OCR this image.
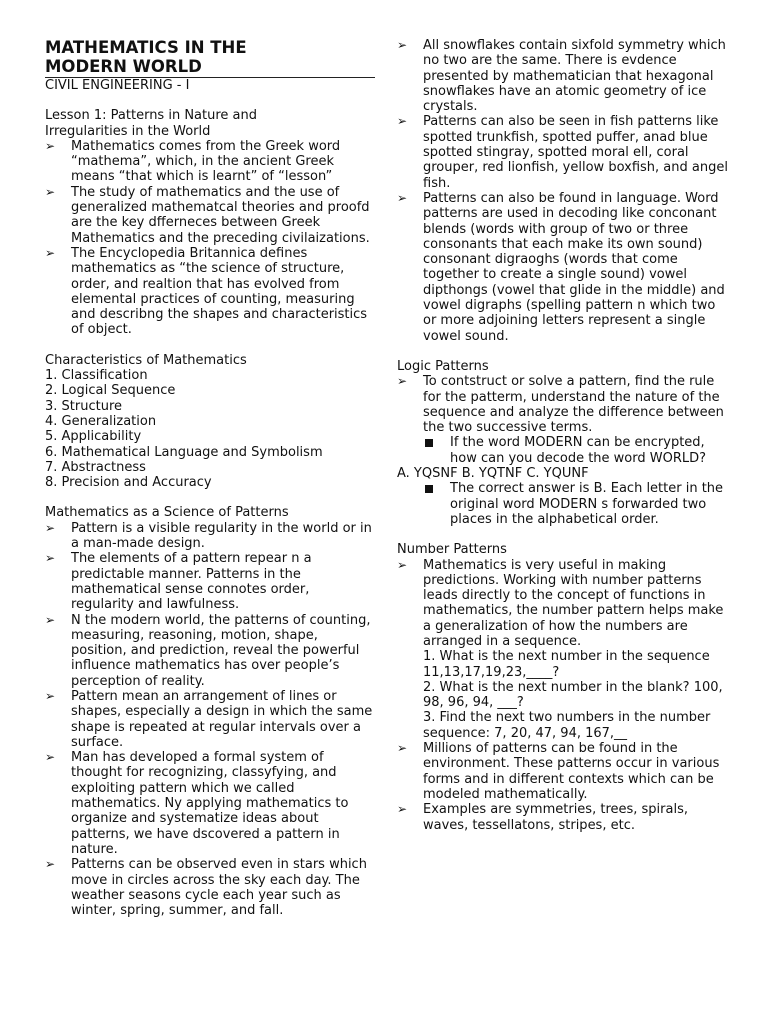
MATHEMATICS IN THE
MODERN WORLD

CIVIL ENGINEERING - I

Lesson 1: Patterns in Nature and
Irregularities in the World
➢	Mathematics comes from the Greek word “mathema”, which, in the ancient Greek means “that which is learnt” of “lesson”
➢	The study of mathematics and the use of generalized mathematcal theories and proofd are the key dfferneces between Greek Mathematics and the preceding civilaizations.
➢	The Encyclopedia Britannica defines mathematics as “the science of structure, order, and realtion that has evolved from elemental practices of counting, measuring and describng the shapes and characteristics of object.

Characteristics of Mathematics

1. Classification
2. Logical Sequence
3. Structure
4. Generalization
5. Applicability
6. Mathematical Language and Symbolism
7. Abstractness
8. Precision and Accuracy

Mathematics as a Science of Patterns

➢	Pattern is a visible regularity in the world or in a man-made design.
➢	The elements of a pattern repear n a predictable manner. Patterns in the mathematical sense connotes order, regularity and lawfulness.
➢	N the modern world, the patterns of counting, measuring, reasoning, motion, shape, position, and prediction, reveal the powerful influence mathematics has over people’s perception of reality.
➢	Pattern mean an arrangement of lines or shapes, especially a design in which the same shape is repeated at regular intervals over a surface.
➢	Man has developed a formal system of thought for recognizing, classyfying, and exploiting pattern which we called mathematics. Ny applying mathematics to organize and systematize ideas about patterns, we have dscovered a pattern in nature.
➢	Patterns can be observed even in stars which move in circles across the sky each day. The weather seasons cycle each year such as winter, spring, summer, and fall.
➢	All snowflakes contain sixfold symmetry which no two are the same. There is evdence presented by mathematician that hexagonal snowflakes have an atomic geometry of ice crystals.
➢	Patterns can also be seen in fish patterns like spotted trunkfish, spotted puffer, anad blue spotted stingray, spotted moral ell, coral grouper, red lionfish, yellow boxfish, and angel fish.
➢	Patterns can also be found in language. Word patterns are used in decoding like conconant blends (words with group of two or three consonants that each make its own sound) consonant digraoghs (words that come together to create a single sound) vowel dipthongs (vowel that glide in the middle) and vowel digraphs (spelling pattern n which two or more adjoining letters represent a single vowel sound.

Logic Patterns

➢	To contstruct or solve a pattern, find the rule for the patterm, understand the nature of the sequence and analyze the difference between the two successive terms.
If the word MODERN can be encrypted, how can you decode the word WORLD?

A. YQSNF B. YQTNF C. YQUNF

The correct answer is B. Each letter in the original word MODERN s forwarded two places in the alphabetical order.

Number Patterns

➢	Mathematics is very useful in making predictions. Working with number patterns leads directly to the concept of functions in mathematics, the number pattern helps make a generalization of how the numbers are arranged in a sequence.
1. What is the next number in the sequence 11,13,17,19,23,____?
2. What is the next number in the blank? 100, 98, 96, 94, ___?
3. Find the next two numbers in the number sequence: 7, 20, 47, 94, 167,__
➢	Millions of patterns can be found in the environment. These patterns occur in various forms and in different contexts which can be modeled mathematically.
➢	Examples are symmetries, trees, spirals, waves, tessellatons, stripes, etc.
